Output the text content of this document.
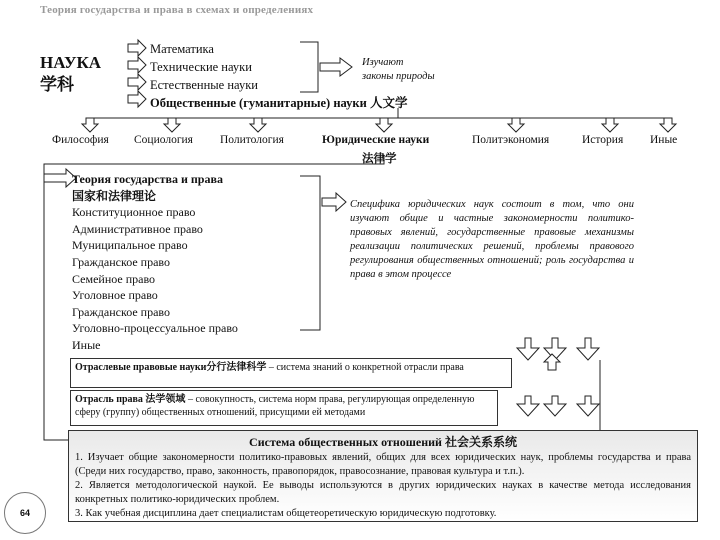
Теория государства и права в схемах и определениях
НАУКА
学科
Математика
Технические науки
Естественные науки
Общественные (гуманитарные) науки 人文学
Изучают
законы природы
Философия Социология Политология	Юридические науки
法律学
Политэкономия	История Иные
Теория государства и права
国家和法律理论
Конституционное право
Административное право
Муниципальное право
Гражданское право
Семейное право
Уголовное право
Гражданское право
Уголовно-процессуальное право
Иные
Специфика юридических наук состоит в том, что они изучают общие и частные закономерности политико-правовых явлений, государственные правовые механизмы реализации политических решений, проблемы правового регулирования общественных отношений; роль государства и права в этом процессе
Отраслевые правовые науки分行法律科学 – система знаний о конкретной отрасли права
Отрасль права 法学领域 – совокупность, система норм права, регулирующая определенную сферу (группу) общественных отношений, присущими ей методами
Система общественных отношений 社会关系系统
1. Изучает общие закономерности политико-правовых явлений, общих для всех юридических наук, проблемы государства и права (Среди них государство, право, законность, правопорядок, правосознание, правовая культура и т.п.).
2. Является методологической наукой. Ее выводы используются в других юридических науках в качестве метода исследования конкретных политико-юридических проблем.
3. Как учебная дисциплина дает специалистам общетеоретическую юридическую подготовку.
64
